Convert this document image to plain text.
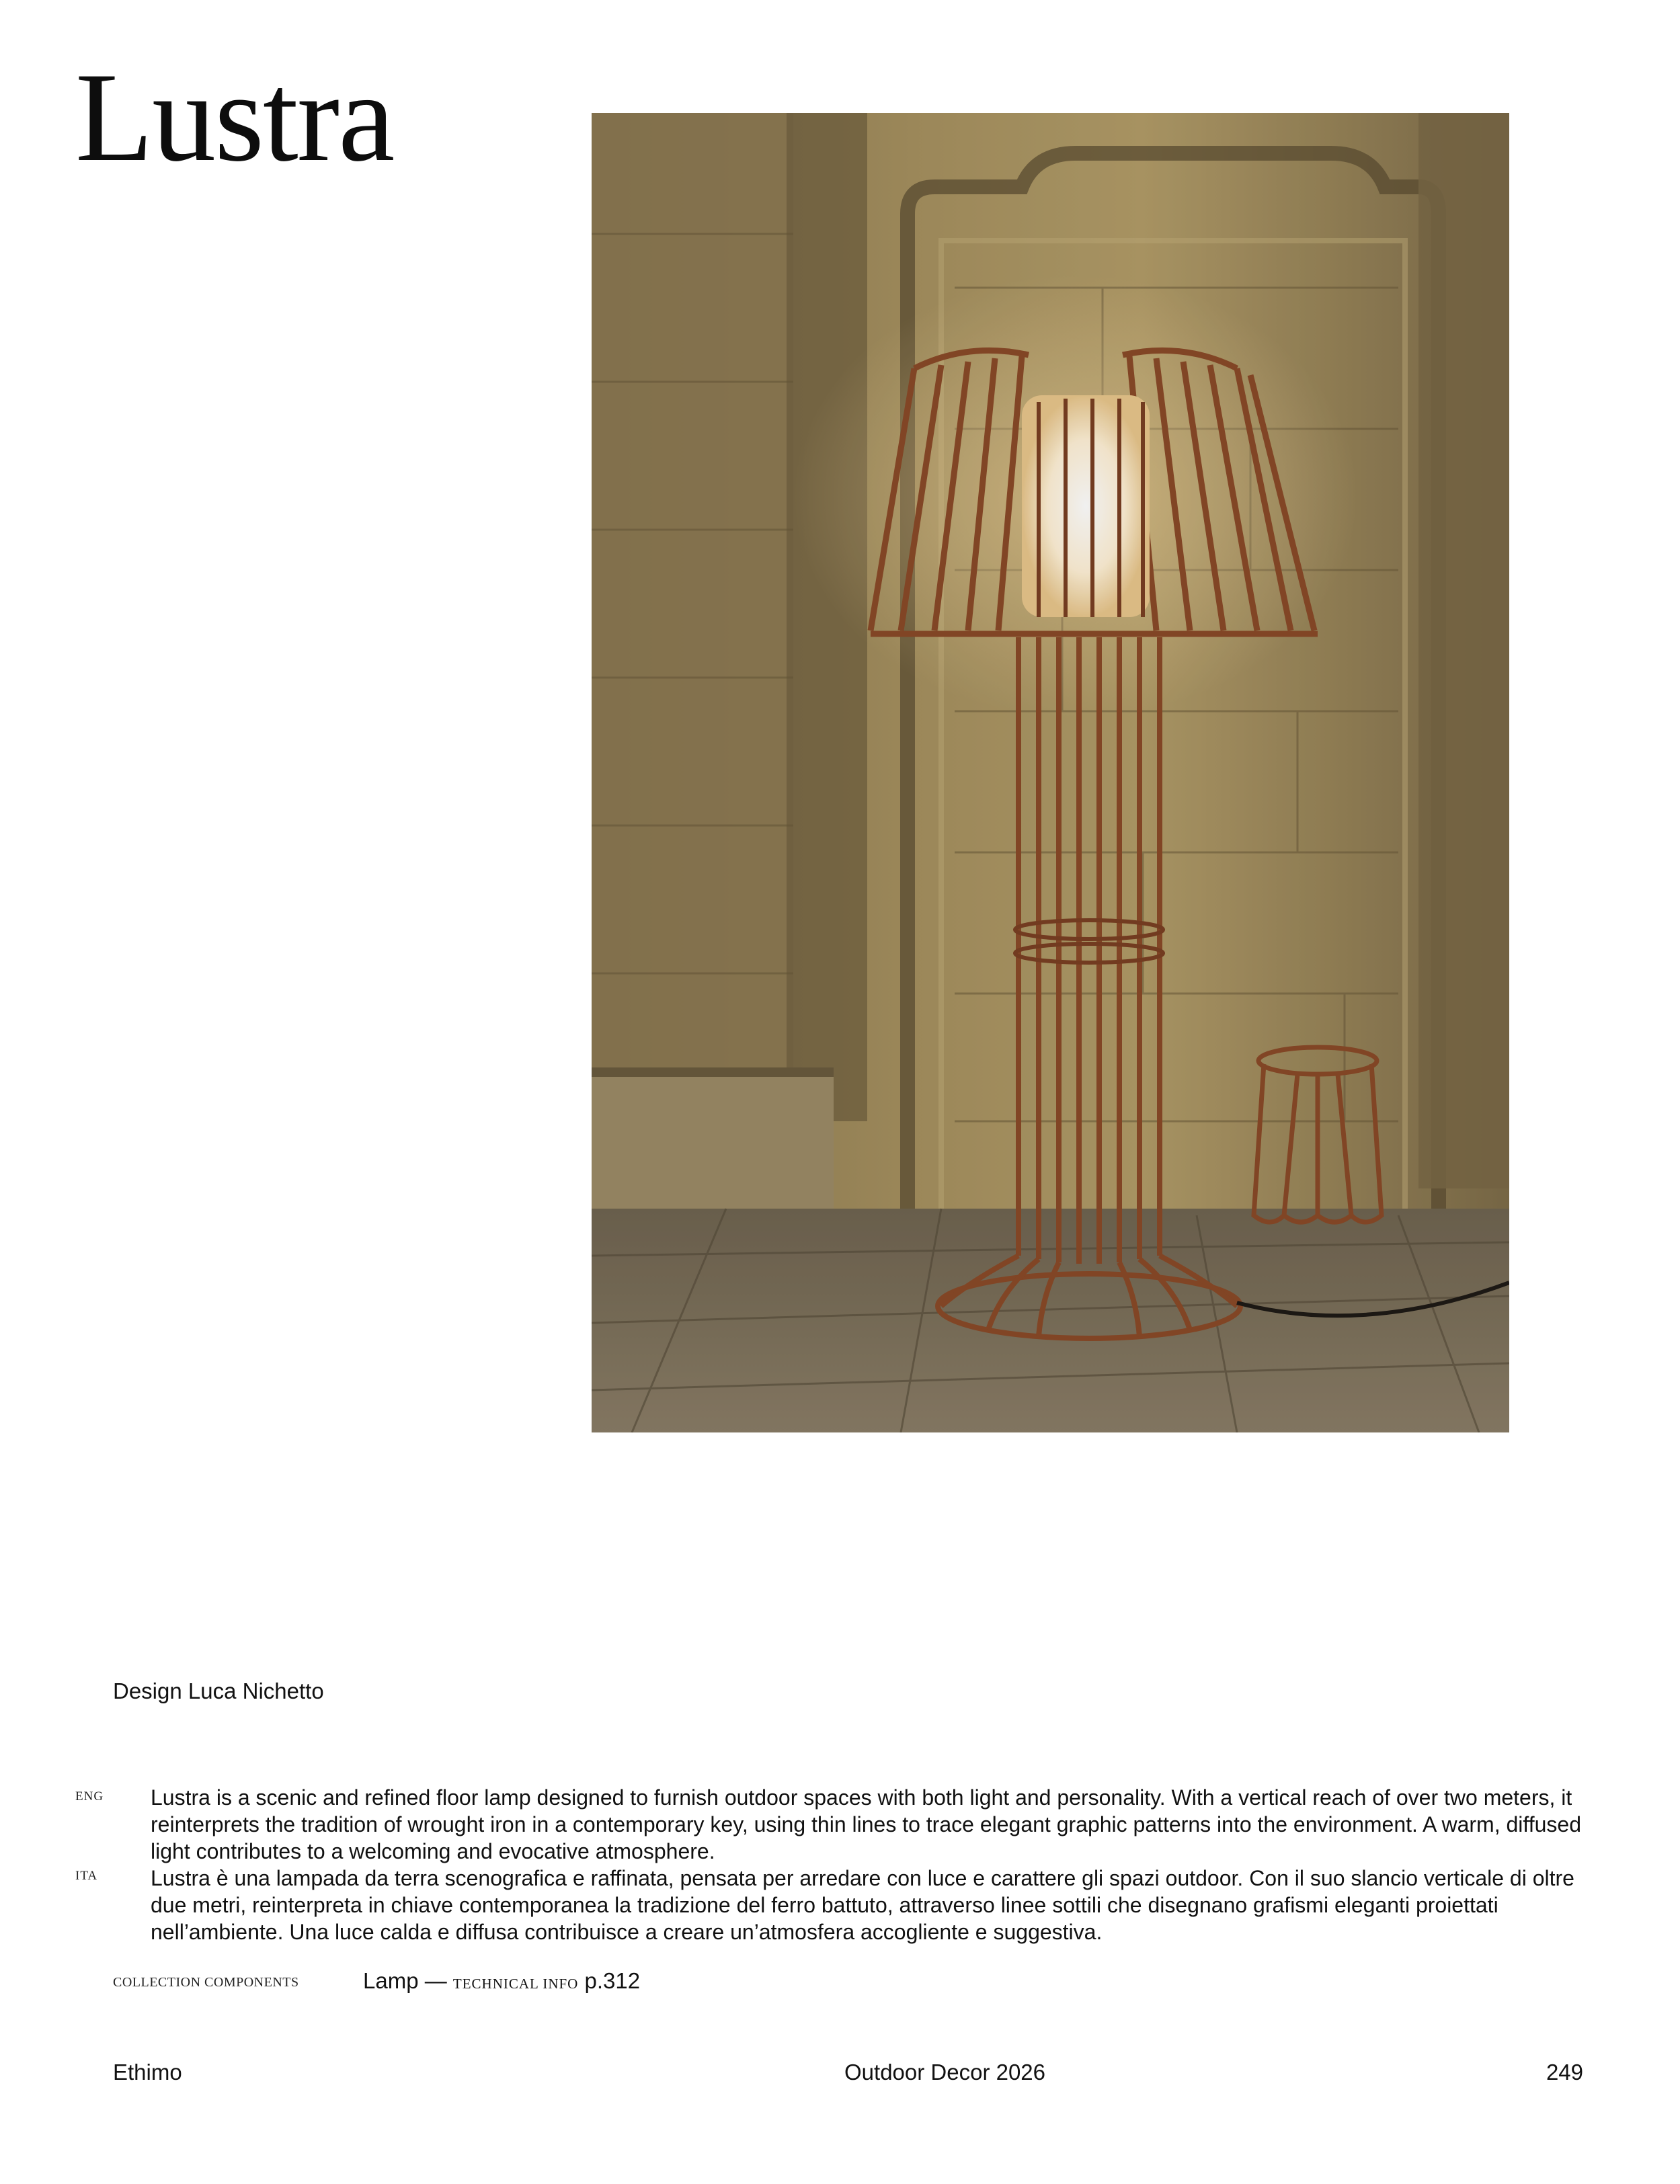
Lustra
Design Luca Nichetto
ENG Lustra is a scenic and refined floor lamp designed to furnish outdoor spaces with both light and personality. With a vertical reach of over two meters, it reinterprets the tradition of wrought iron in a contemporary key, using thin lines to trace elegant graphic patterns into the environment. A warm, diffused light contributes to a welcoming and evocative atmosphere.

ITA Lustra è una lampada da terra scenografica e raffinata, pensata per arredare con luce e carattere gli spazi outdoor. Con il suo slancio verticale di oltre due metri, reinterpreta in chiave contemporanea la tradizione del ferro battuto, attraverso linee sottili che disegnano grafismi eleganti proiettati nell’ambiente. Una luce calda e diffusa contribuisce a creare un’atmosfera accogliente e suggestiva.

COLLECTION COMPONENTS	Lamp — TECHNICAL INFO p.312
Ethimo	Outdoor Decor 2026	249
